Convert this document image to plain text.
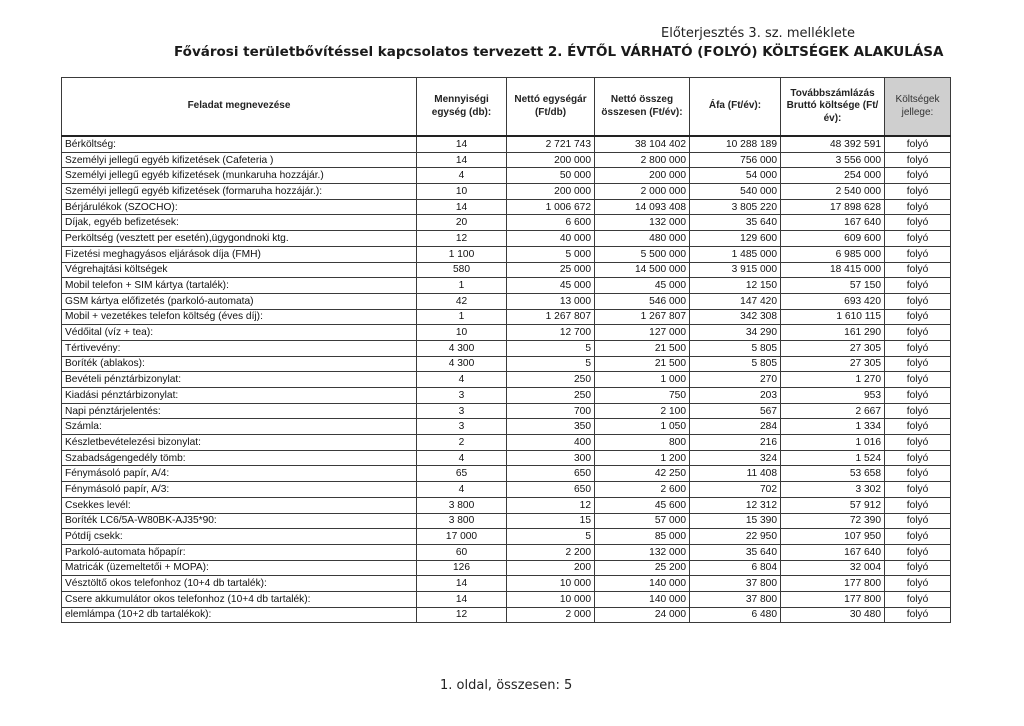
Előterjesztés 3. sz. melléklete
Fővárosi területbővítéssel kapcsolatos tervezett 2. ÉVTŐL VÁRHATÓ (FOLYÓ) KÖLTSÉGEK ALAKULÁSA
Feladat megnevezése	Mennyiségi egység (db):	Nettó egységár (Ft/db)	Nettó összeg összesen (Ft/év):	Áfa (Ft/év):	Továbbszámlázás Bruttó költsége (Ft/év):	Költségek jellege:
Bérköltség:	14	2 721 743	38 104 402	10 288 189	48 392 591	folyó
Személyi jellegű egyéb kifizetések (Cafeteria )	14	200 000	2 800 000	756 000	3 556 000	folyó
Személyi jellegű egyéb kifizetések (munkaruha hozzájár.)	4	50 000	200 000	54 000	254 000	folyó
Személyi jellegű egyéb kifizetések (formaruha hozzájár.):	10	200 000	2 000 000	540 000	2 540 000	folyó
Bérjárulékok (SZOCHO):	14	1 006 672	14 093 408	3 805 220	17 898 628	folyó
Díjak, egyéb befizetések:	20	6 600	132 000	35 640	167 640	folyó
Perköltség (vesztett per esetén),ügygondnoki ktg.	12	40 000	480 000	129 600	609 600	folyó
Fizetési meghagyásos eljárások díja (FMH)	1 100	5 000	5 500 000	1 485 000	6 985 000	folyó
Végrehajtási költségek	580	25 000	14 500 000	3 915 000	18 415 000	folyó
Mobil telefon + SIM kártya (tartalék):	1	45 000	45 000	12 150	57 150	folyó
GSM kártya előfizetés (parkoló-automata)	42	13 000	546 000	147 420	693 420	folyó
Mobil + vezetékes telefon költség (éves díj):	1	1 267 807	1 267 807	342 308	1 610 115	folyó
Védőital (víz + tea):	10	12 700	127 000	34 290	161 290	folyó
Tértivevény:	4 300	5	21 500	5 805	27 305	folyó
Boríték (ablakos):	4 300	5	21 500	5 805	27 305	folyó
Bevételi pénztárbizonylat:	4	250	1 000	270	1 270	folyó
Kiadási pénztárbizonylat:	3	250	750	203	953	folyó
Napi pénztárjelentés:	3	700	2 100	567	2 667	folyó
Számla:	3	350	1 050	284	1 334	folyó
Készletbevételezési bizonylat:	2	400	800	216	1 016	folyó
Szabadságengedély tömb:	4	300	1 200	324	1 524	folyó
Fénymásoló papír, A/4:	65	650	42 250	11 408	53 658	folyó
Fénymásoló papír, A/3:	4	650	2 600	702	3 302	folyó
Csekkes levél:	3 800	12	45 600	12 312	57 912	folyó
Boríték LC6/5A-W80BK-AJ35*90:	3 800	15	57 000	15 390	72 390	folyó
Pótdíj csekk:	17 000	5	85 000	22 950	107 950	folyó
Parkoló-automata hőpapír:	60	2 200	132 000	35 640	167 640	folyó
Matricák (üzemeltetői + MOPA):	126	200	25 200	6 804	32 004	folyó
Vésztöltő okos telefonhoz (10+4 db tartalék):	14	10 000	140 000	37 800	177 800	folyó
Csere akkumulátor okos telefonhoz (10+4 db tartalék):	14	10 000	140 000	37 800	177 800	folyó
elemlámpa (10+2 db tartalékok):	12	2 000	24 000	6 480	30 480	folyó
1. oldal, összesen: 5
